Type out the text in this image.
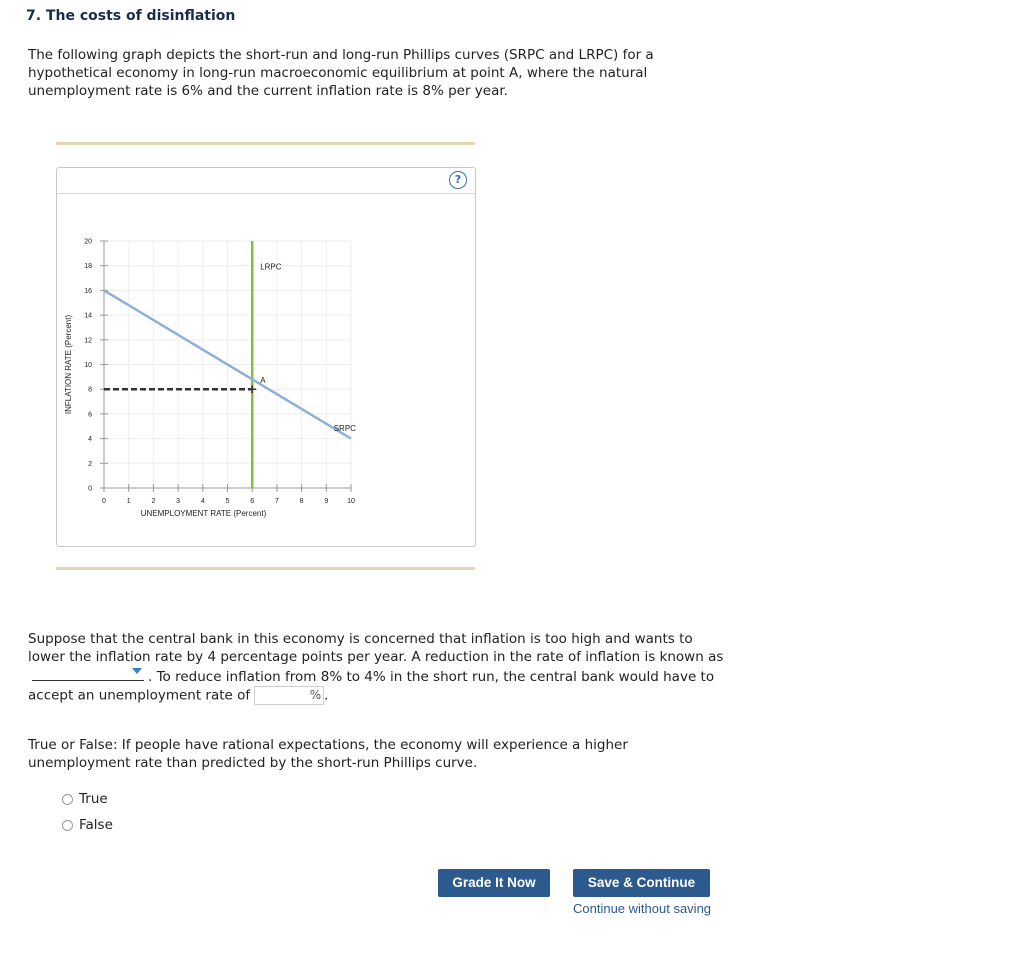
7. The costs of disinflation
The following graph depicts the short-run and long-run Phillips curves (SRPC and LRPC) for a hypothetical economy in long-run macroeconomic equilibrium at point A, where the natural unemployment rate is 6% and the current inflation rate is 8% per year.
?
0	1	2	3	4	5	6	7	8	9	10
0
2
4
6
8
10
12
14
16
18
20
UNEMPLOYMENT RATE (Percent)
INFLATION RATE (Percent)
LRPC
SRPC
A
Suppose that the central bank in this economy is concerned that inflation is too high and wants to lower the inflation rate by 4 percentage points per year. A reduction in the rate of inflation is known as
. To reduce inflation from 8% to 4% in the short run, the central bank would have to accept an unemployment rate of	% .
True or False: If people have rational expectations, the economy will experience a higher unemployment rate than predicted by the short-run Phillips curve.
True
False
Grade It Now	Save & Continue
Continue without saving
